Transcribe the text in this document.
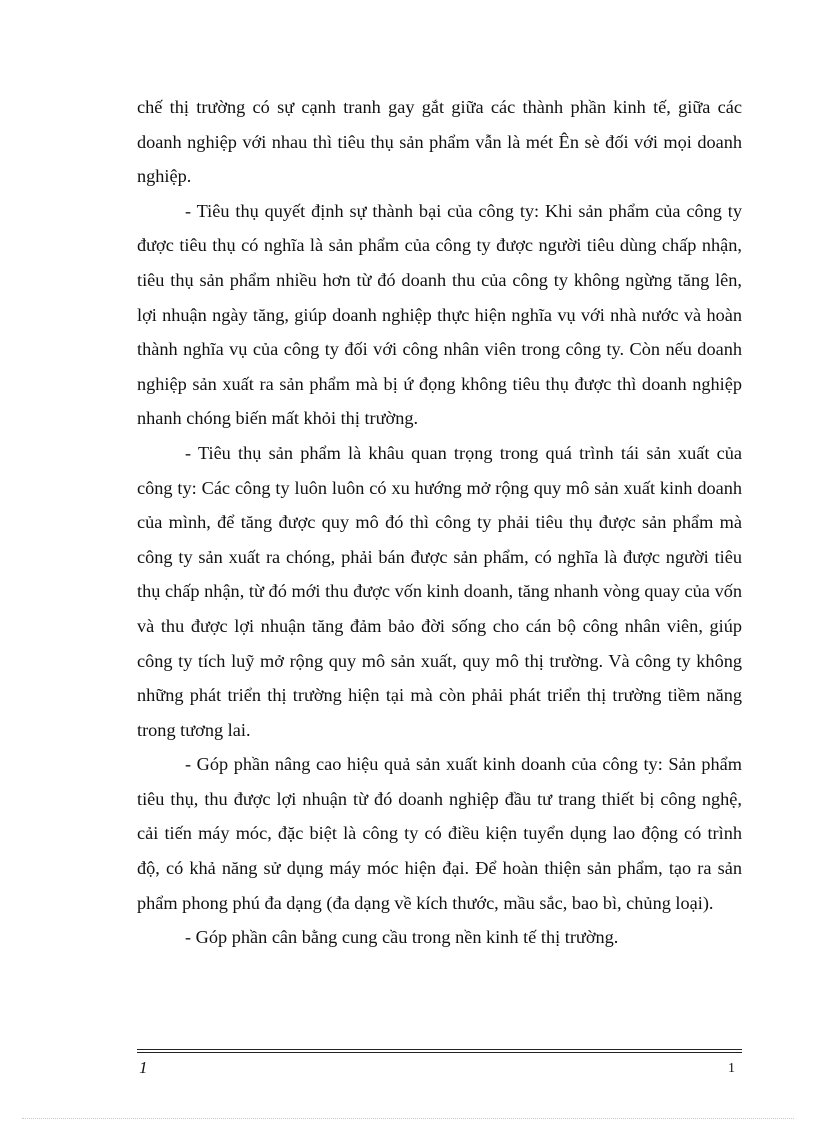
chế thị trường có sự cạnh tranh gay gắt giữa các thành phần kinh tế, giữa các doanh nghiệp với nhau thì tiêu thụ sản phẩm vẫn là mét Ên sè đối với mọi doanh nghiệp.

- Tiêu thụ quyết định sự thành bại của công ty: Khi sản phẩm của công ty được tiêu thụ có nghĩa là sản phẩm của công ty được người tiêu dùng chấp nhận, tiêu thụ sản phẩm nhiều hơn từ đó doanh thu của công ty không ngừng tăng lên, lợi nhuận ngày tăng, giúp doanh nghiệp thực hiện nghĩa vụ với nhà nước và hoàn thành nghĩa vụ của công ty đối với công nhân viên trong công ty. Còn nếu doanh nghiệp sản xuất ra sản phẩm mà bị ứ đọng không tiêu thụ được thì doanh nghiệp nhanh chóng biến mất khỏi thị trường.

- Tiêu thụ sản phẩm là khâu quan trọng trong quá trình tái sản xuất của công ty: Các công ty luôn luôn có xu hướng mở rộng quy mô sản xuất kinh doanh của mình, để tăng được quy mô đó thì công ty phải tiêu thụ được sản phẩm mà công ty sản xuất ra chóng, phải bán được sản phẩm, có nghĩa là được người tiêu thụ chấp nhận, từ đó mới thu được vốn kinh doanh, tăng nhanh vòng quay của vốn và thu được lợi nhuận tăng đảm bảo đời sống cho cán bộ công nhân viên, giúp công ty tích luỹ mở rộng quy mô sản xuất, quy mô thị trường. Và công ty không những phát triển thị trường hiện tại mà còn phải phát triển thị trường tiềm năng trong tương lai.

- Góp phần nâng cao hiệu quả sản xuất kinh doanh của công ty: Sản phẩm tiêu thụ, thu được lợi nhuận từ đó doanh nghiệp đầu tư trang thiết bị công nghệ, cải tiến máy móc, đặc biệt là công ty có điều kiện tuyển dụng lao động có trình độ, có khả năng sử dụng máy móc hiện đại. Để hoàn thiện sản phẩm, tạo ra sản phẩm phong phú đa dạng (đa dạng về kích thước, mầu sắc, bao bì, chủng loại).

- Góp phần cân bằng cung cầu trong nền kinh tế thị trường.

1	1
